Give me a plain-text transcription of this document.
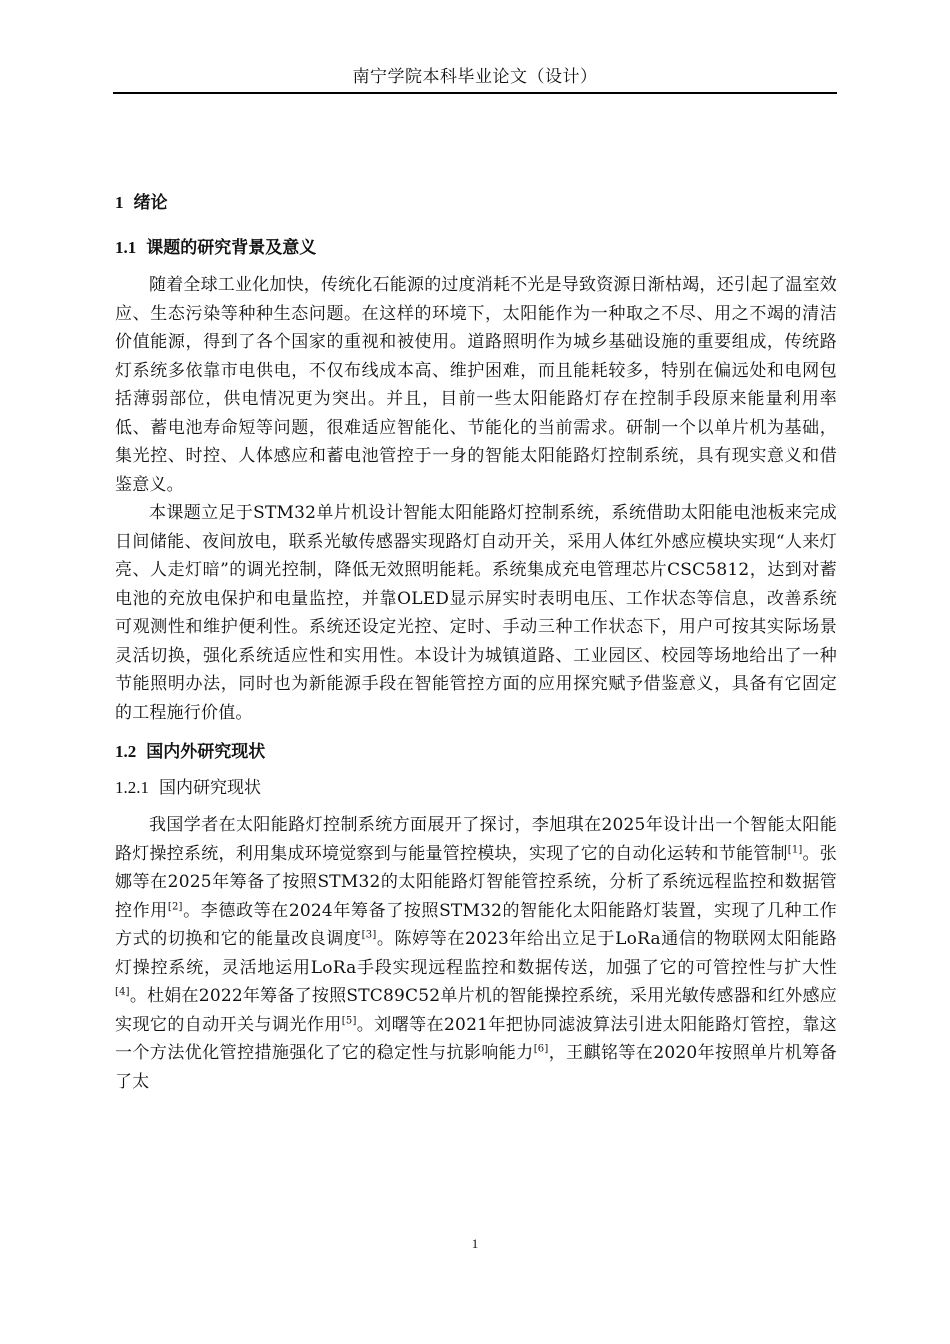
南宁学院本科毕业论文（设计）
1 绪论
1.1 课题的研究背景及意义

随着全球工业化加快，传统化石能源的过度消耗不光是导致资源日渐枯竭，还引起了温室效应、生态污染等种种生态问题。在这样的环境下，太阳能作为一种取之不尽、用之不竭的清洁价值能源，得到了各个国家的重视和被使用。道路照明作为城乡基础设施的重要组成，传统路灯系统多依靠市电供电，不仅布线成本高、维护困难，而且能耗较多，特别在偏远处和电网包括薄弱部位，供电情况更为突出。并且，目前一些太阳能路灯存在控制手段原来能量利用率低、蓄电池寿命短等问题，很难适应智能化、节能化的当前需求。研制一个以单片机为基础，集光控、时控、人体感应和蓄电池管控于一身的智能太阳能路灯控制系统，具有现实意义和借鉴意义。

本课题立足于STM32单片机设计智能太阳能路灯控制系统，系统借助太阳能电池板来完成日间储能、夜间放电，联系光敏传感器实现路灯自动开关，采用人体红外感应模块实现“人来灯亮、人走灯暗”的调光控制，降低无效照明能耗。系统集成充电管理芯片CSC5812，达到对蓄电池的充放电保护和电量监控，并靠OLED显示屏实时表明电压、工作状态等信息，改善系统可观测性和维护便利性。系统还设定光控、定时、手动三种工作状态下，用户可按其实际场景灵活切换，强化系统适应性和实用性。本设计为城镇道路、工业园区、校园等场地给出了一种节能照明办法，同时也为新能源手段在智能管控方面的应用探究赋予借鉴意义，具备有它固定的工程施行价值。

1.2 国内外研究现状
1.2.1 国内研究现状

我国学者在太阳能路灯控制系统方面展开了探讨，李旭琪在2025年设计出一个智能太阳能路灯操控系统，利用集成环境觉察到与能量管控模块，实现了它的自动化运转和节能管制[1]。张娜等在2025年筹备了按照STM32的太阳能路灯智能管控系统，分析了系统远程监控和数据管控作用[2]。李德政等在2024年筹备了按照STM32的智能化太阳能路灯装置，实现了几种工作方式的切换和它的能量改良调度[3]。陈婷等在2023年给出立足于LoRa通信的物联网太阳能路灯操控系统，灵活地运用LoRa手段实现远程监控和数据传送，加强了它的可管控性与扩大性[4]。杜娟在2022年筹备了按照STC89C52单片机的智能操控系统，采用光敏传感器和红外感应实现它的自动开关与调光作用[5]。刘曙等在2021年把协同滤波算法引进太阳能路灯管控，靠这一个方法优化管控措施强化了它的稳定性与抗影响能力[6]，王麒铭等在2020年按照单片机筹备了太

1
